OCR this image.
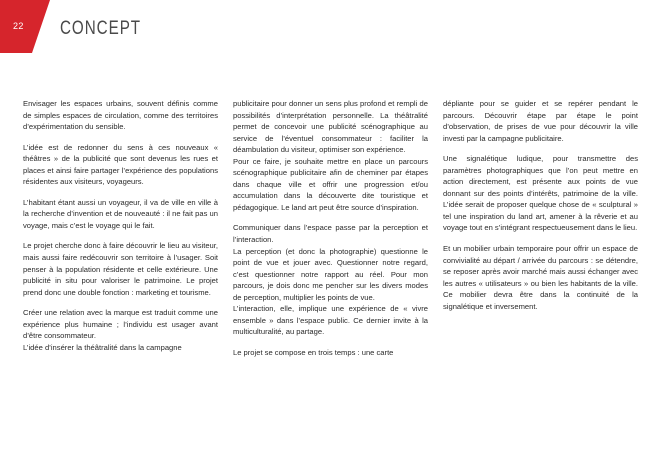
22 CONCEPT

Envisager les espaces urbains, souvent définis comme de simples espaces de circulation, comme des territoires d’expérimentation du sensible.

L’idée est de redonner du sens à ces nouveaux « théâtres » de la publicité que sont devenus les rues et places et ainsi faire partager l’expérience des populations résidentes aux visiteurs, voyageurs.

L’habitant étant aussi un voyageur, il va de ville en ville à la recherche d’invention et de nouveauté : il ne fait pas un voyage, mais c’est le voyage qui le fait.

Le projet cherche donc à faire découvrir le lieu au visiteur, mais aussi faire redécouvrir son territoire à l’usager. Soit penser à la population résidente et celle extérieure. Une publicité in situ pour valoriser le patrimoine. Le projet prend donc une double fonction : marketing et tourisme.

Créer une relation avec la marque est traduit comme une expérience plus humaine ; l’individu est usager avant d’être consommateur.

L’idée d’insérer la théâtralité dans la campagne

publicitaire pour donner un sens plus profond et rempli de possibilités d’interprétation personnelle. La théâtralité permet de concevoir une publicité scénographique au service de l’éventuel consommateur : faciliter la déambulation du visiteur, optimiser son expérience.

Pour ce faire, je souhaite mettre en place un parcours scénographique publicitaire afin de cheminer par étapes dans chaque ville et offrir une progression et/ou accumulation dans la découverte dite touristique et pédagogique. Le land art peut être source d’inspiration.

Communiquer dans l’espace passe par la perception et l’interaction.

La perception (et donc la photographie) questionne le point de vue et jouer avec. Questionner notre regard, c’est questionner notre rapport au réel. Pour mon parcours, je dois donc me pencher sur les divers modes de perception, multiplier les points de vue.

L’interaction, elle, implique une expérience de « vivre ensemble » dans l’espace public. Ce dernier invite à la multiculturalité, au partage.

Le projet se compose en trois temps : une carte

dépliante pour se guider et se repérer pendant le parcours. Découvrir étape par étape le point d’observation, de prises de vue pour découvrir la ville investi par la campagne publicitaire.

Une signalétique ludique, pour transmettre des paramètres photographiques que l’on peut mettre en action directement, est présente aux points de vue donnant sur des points d’intérêts, patrimoine de la ville. L’idée serait de proposer quelque chose de « sculptural » tel une inspiration du land art, amener à la rêverie et au voyage tout en s’intégrant respectueusement dans le lieu.

Et un mobilier urbain temporaire pour offrir un espace de convivialité au départ / arrivée du parcours : se détendre, se reposer après avoir marché mais aussi échanger avec les autres « utilisateurs » ou bien les habitants de la ville. Ce mobilier devra être dans la continuité de la signalétique et inversement.
